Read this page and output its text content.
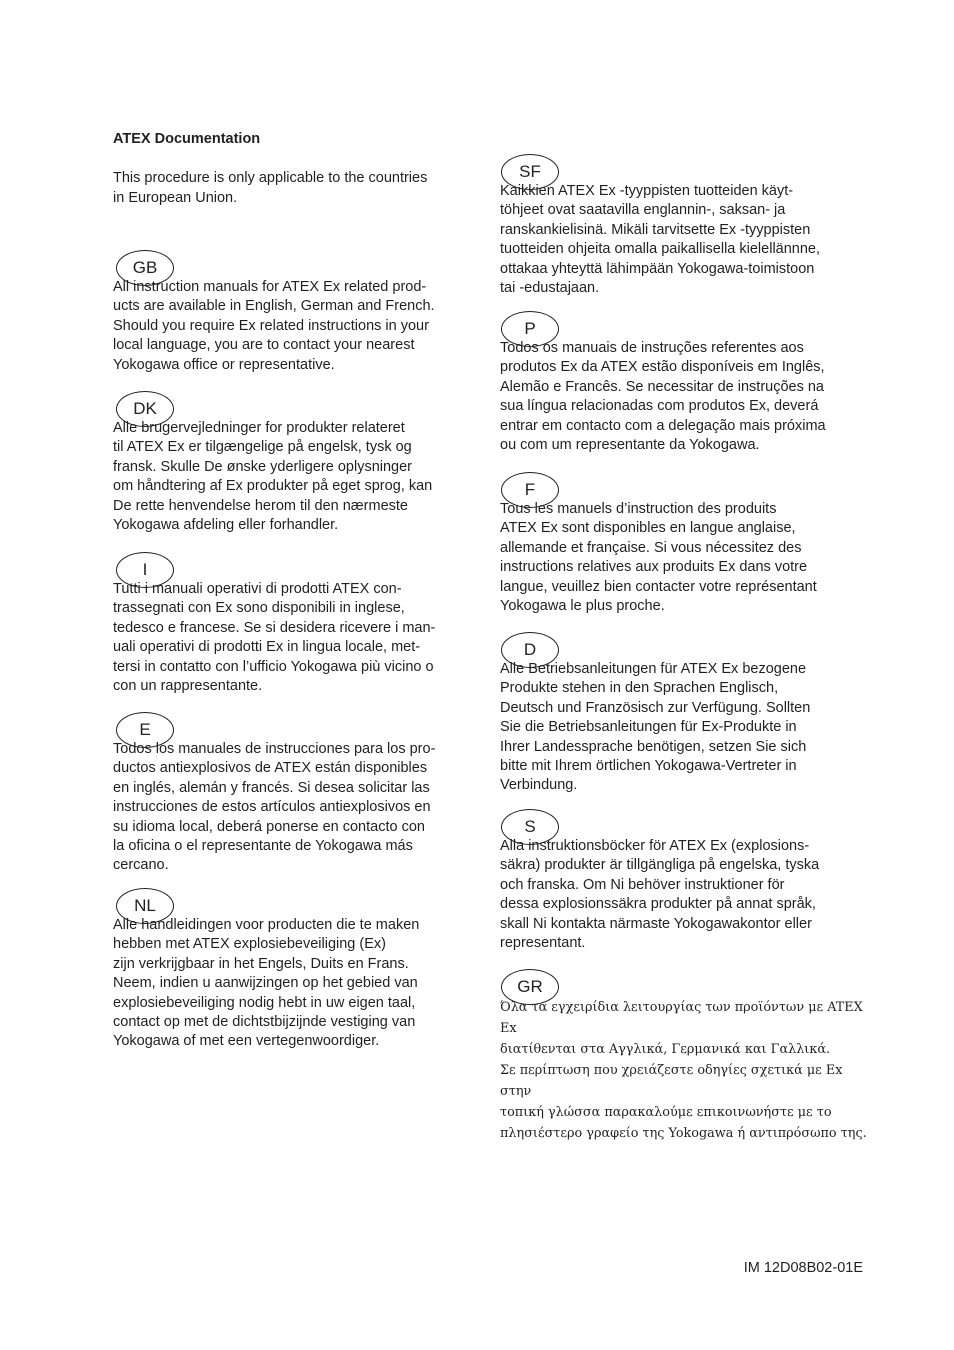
ATEX Documentation
This procedure is only applicable to the countries
in European Union.
GB

All instruction manuals for ATEX Ex related prod-
ucts are available in English, German and French.
Should you require Ex related instructions in your
local language, you are to contact your nearest
Yokogawa office or representative.

DK

Alle brugervejledninger for produkter relateret
til ATEX Ex er tilgængelige på engelsk, tysk og
fransk. Skulle De ønske yderligere oplysninger
om håndtering af Ex produkter på eget sprog, kan
De rette henvendelse herom til den nærmeste
Yokogawa afdeling eller forhandler.

I

Tutti i manuali operativi di prodotti ATEX con-
trassegnati con Ex sono disponibili in inglese,
tedesco e francese. Se si desidera ricevere i man-
uali operativi di prodotti Ex in lingua locale, met-
tersi in contatto con l’ufficio Yokogawa più vicino o
con un rappresentante.

E

Todos los manuales de instrucciones para los pro-
ductos antiexplosivos de ATEX están disponibles
en inglés, alemán y francés. Si desea solicitar las
instrucciones de estos artículos antiexplosivos en
su idioma local, deberá ponerse en contacto con
la oficina o el representante de Yokogawa más
cercano.

NL

Alle handleidingen voor producten die te maken
hebben met ATEX explosiebeveiliging (Ex)
zijn verkrijgbaar in het Engels, Duits en Frans.
Neem, indien u aanwijzingen op het gebied van
explosiebeveiliging nodig hebt in uw eigen taal,
contact op met de dichtstbijzijnde vestiging van
Yokogawa of met een vertegenwoordiger.

SF

Kaikkien ATEX Ex -tyyppisten tuotteiden käyt-
töhjeet ovat saatavilla englannin-, saksan- ja
ranskankielisinä. Mikäli tarvitsette Ex -tyyppisten
tuotteiden ohjeita omalla paikallisella kielellännne,
ottakaa yhteyttä lähimpään Yokogawa-toimistoon
tai -edustajaan.

P

Todos os manuais de instruções referentes aos
produtos Ex da ATEX estão disponíveis em Inglês,
Alemão e Francês. Se necessitar de instruções na
sua língua relacionadas com produtos Ex, deverá
entrar em contacto com a delegação mais próxima
ou com um representante da Yokogawa.

F

Tous les manuels d’instruction des produits
ATEX Ex sont disponibles en langue anglaise,
allemande et française. Si vous nécessitez des
instructions relatives aux produits Ex dans votre
langue, veuillez bien contacter votre représentant
Yokogawa le plus proche.

D

Alle Betriebsanleitungen für ATEX Ex bezogene
Produkte stehen in den Sprachen Englisch,
Deutsch und Französisch zur Verfügung. Sollten
Sie die Betriebsanleitungen für Ex-Produkte in
Ihrer Landessprache benötigen, setzen Sie sich
bitte mit Ihrem örtlichen Yokogawa-Vertreter in
Verbindung.

S

Alla instruktionsböcker för ATEX Ex (explosions-
säkra) produkter är tillgängliga på engelska, tyska
och franska. Om Ni behöver instruktioner för
dessa explosionssäkra produkter på annat språk,
skall Ni kontakta närmaste Yokogawakontor eller
representant.

GR

Όλα τα εγχειρίδια λειτουργίας των προϊόντων με ATEX Ex
διατίθενται στα Αγγλικά, Γερμανικά και Γαλλικά.
Σε περίπτωση που χρειάζεστε οδηγίες σχετικά με Ex στην
τοπική γλώσσα παρακαλούμε επικοινωνήστε με το
πλησιέστερο γραφείο της Yokogawa ή αντιπρόσωπο της.

IM 12D08B02-01E
